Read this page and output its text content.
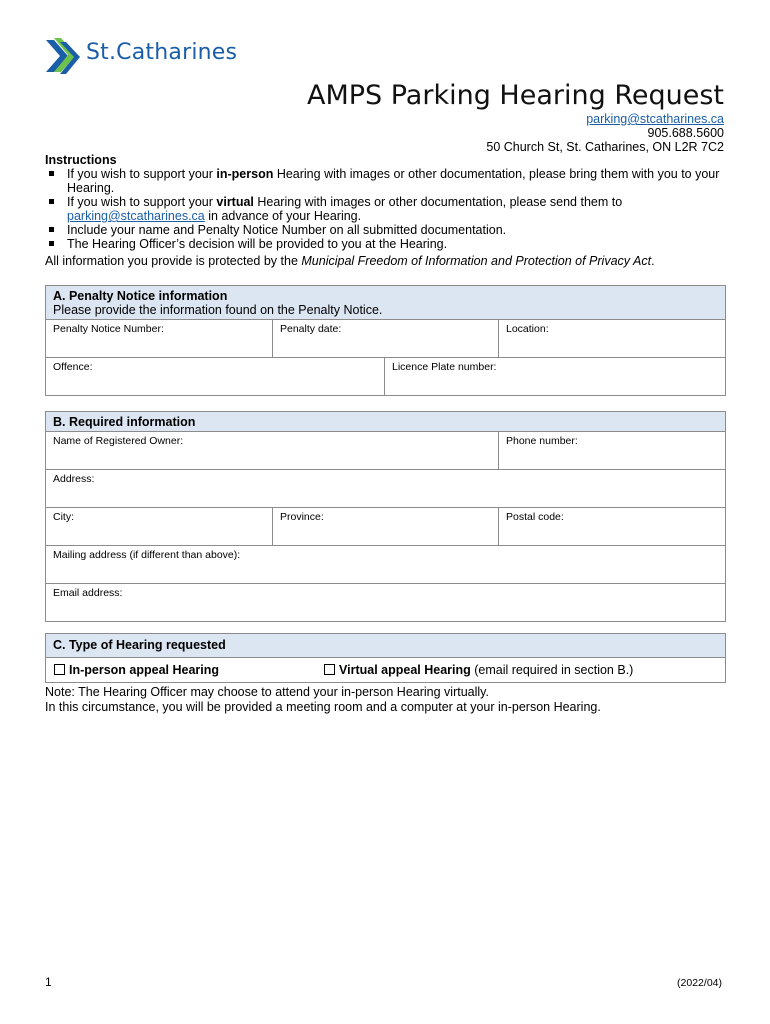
St.Catharines
AMPS Parking Hearing Request
parking@stcatharines.ca
905.688.5600
50 Church St, St. Catharines, ON L2R 7C2
Instructions
If you wish to support your in-person Hearing with images or other documentation, please bring them with you to your Hearing.
If you wish to support your virtual Hearing with images or other documentation, please send them to parking@stcatharines.ca in advance of your Hearing.
Include your name and Penalty Notice Number on all submitted documentation.
The Hearing Officer’s decision will be provided to you at the Hearing.
All information you provide is protected by the Municipal Freedom of Information and Protection of Privacy Act.
A. Penalty Notice information
Please provide the information found on the Penalty Notice.
Penalty Notice Number:	Penalty date:	Location:
Offence:	Licence Plate number:
B. Required information
Name of Registered Owner:	Phone number:
Address:
City:	Province:	Postal code:
Mailing address (if different than above):
Email address:
C. Type of Hearing requested
In-person appeal Hearing	Virtual appeal Hearing (email required in section B.)
Note: The Hearing Officer may choose to attend your in-person Hearing virtually.
In this circumstance, you will be provided a meeting room and a computer at your in-person Hearing.
1	(2022/04)
